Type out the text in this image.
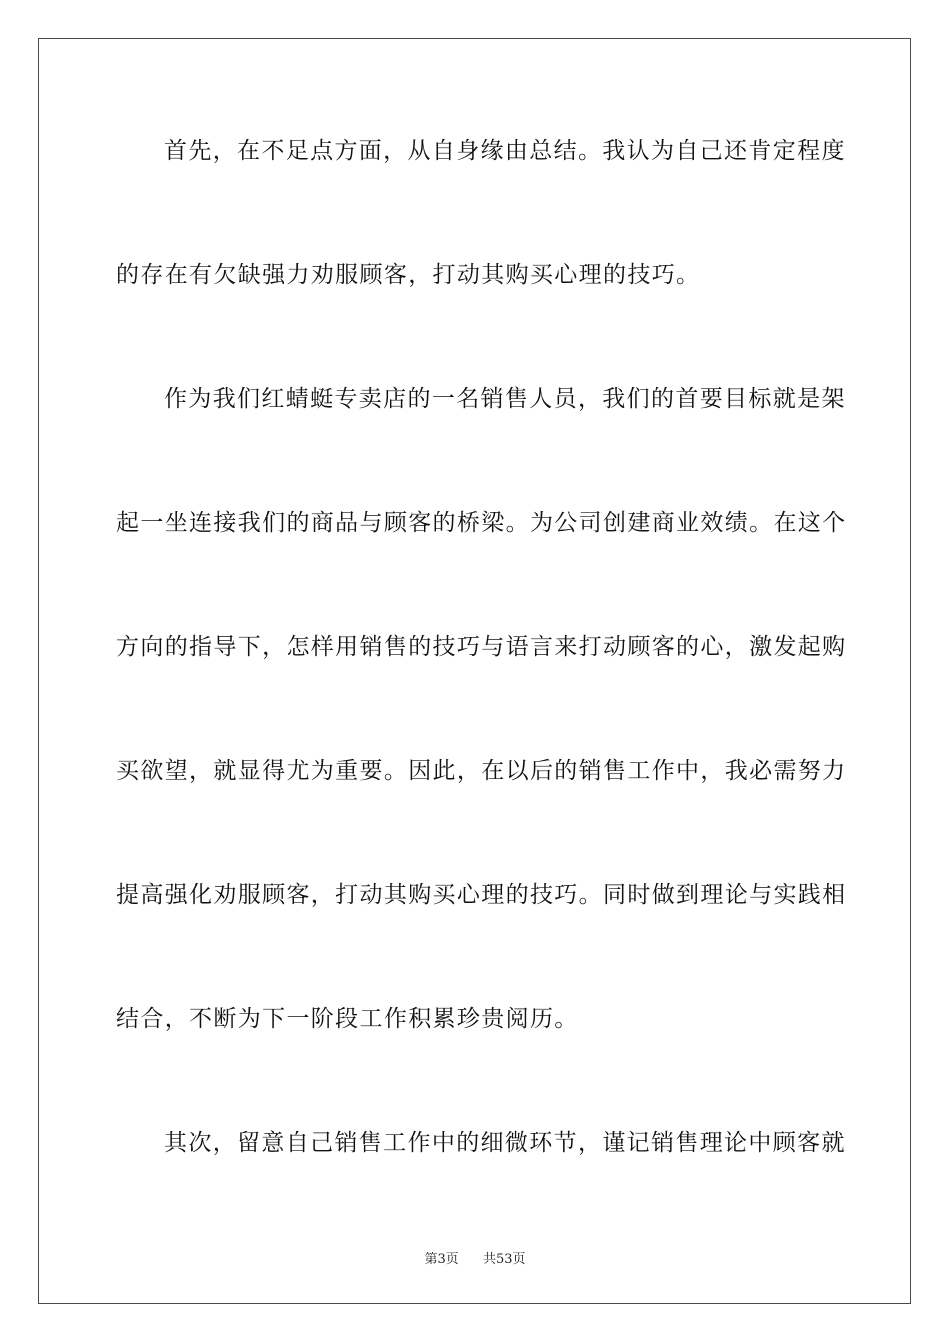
首先，在不足点方面，从自身缘由总结。我认为自己还肯定程度
的存在有欠缺强力劝服顾客，打动其购买心理的技巧。
作为我们红蜻蜓专卖店的一名销售人员，我们的首要目标就是架
起一坐连接我们的商品与顾客的桥梁。为公司创建商业效绩。在这个
方向的指导下，怎样用销售的技巧与语言来打动顾客的心，激发起购
买欲望，就显得尤为重要。因此，在以后的销售工作中，我必需努力
提高强化劝服顾客，打动其购买心理的技巧。同时做到理论与实践相
结合，不断为下一阶段工作积累珍贵阅历。
其次，留意自己销售工作中的细微环节，谨记销售理论中顾客就
第3页 共53页
